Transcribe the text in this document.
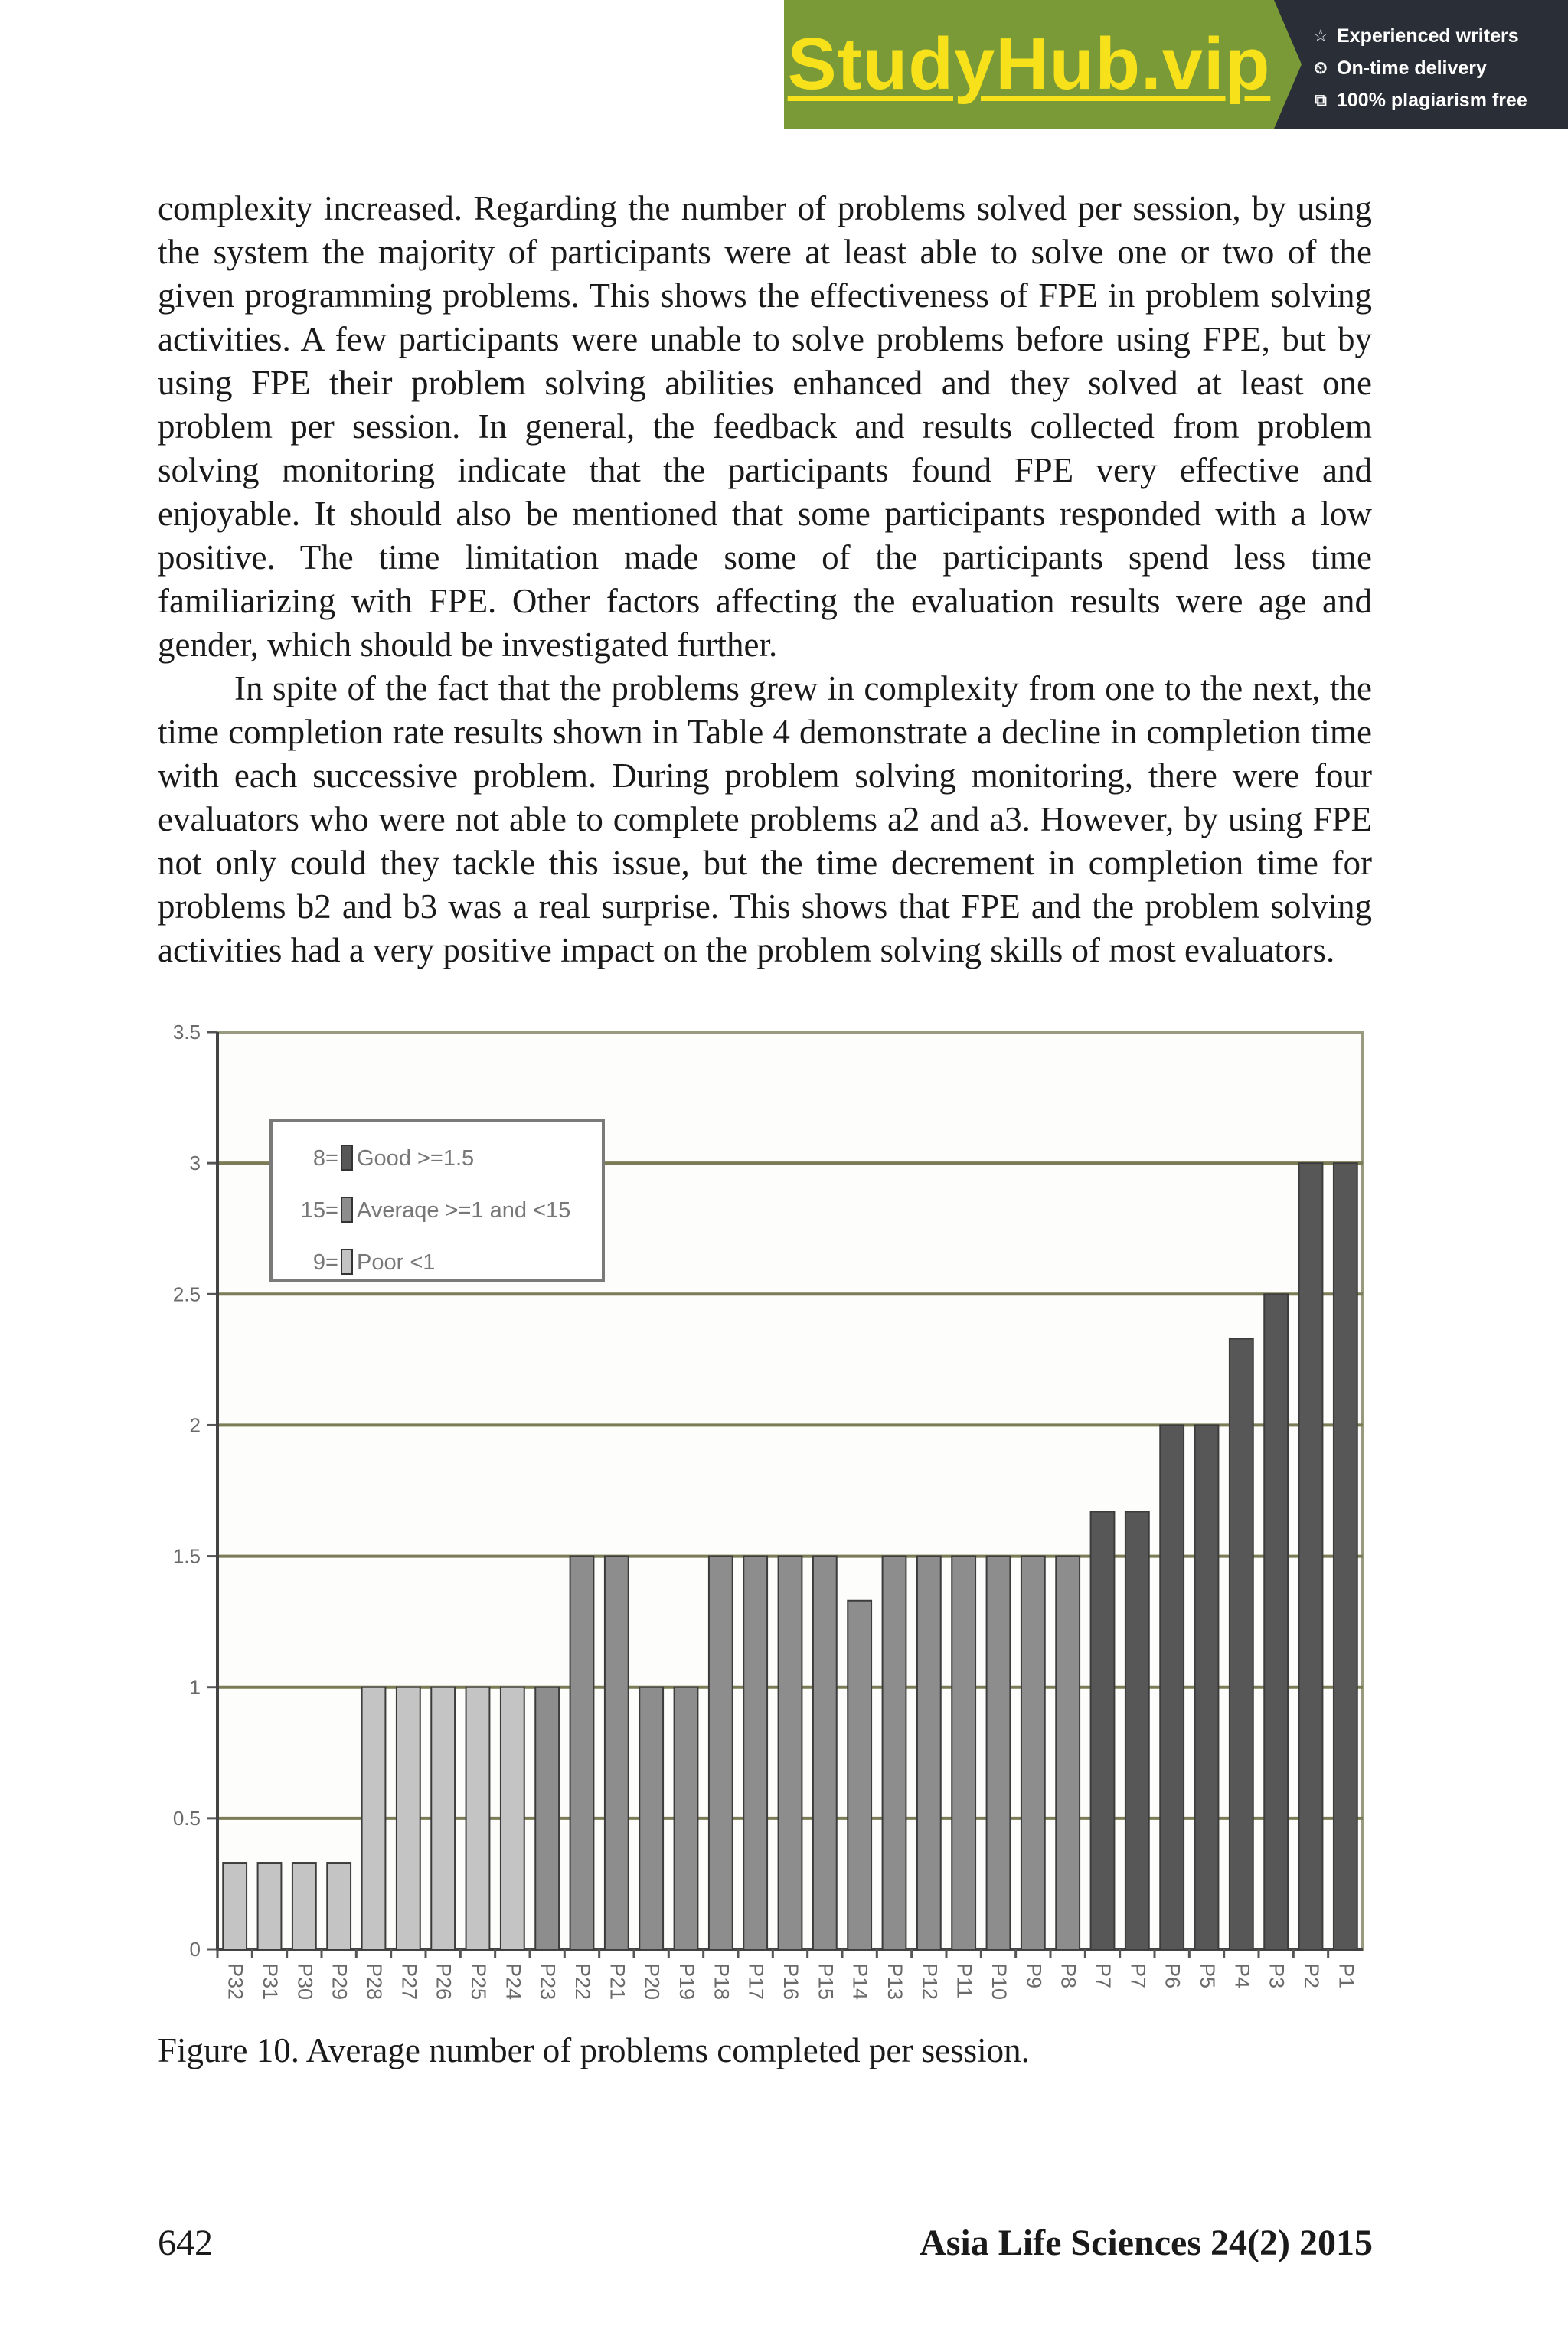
StudyHub.vip	☆ Experienced writers
⏲ On-time delivery
⧉ 100% plagiarism free

complexity increased. Regarding the number of problems solved per session, by using the system the majority of participants were at least able to solve one or two of the given programming problems. This shows the effectiveness of FPE in problem solving activities. A few participants were unable to solve problems before using FPE, but by using FPE their problem solving abilities enhanced and they solved at least one problem per session. In general, the feedback and results collected from problem solving monitoring indicate that the participants found FPE very effective and enjoyable. It should also be mentioned that some participants responded with a low positive. The time limitation made some of the participants spend less time familiarizing with FPE. Other factors affecting the evaluation results were age and gender, which should be investigated further.

In spite of the fact that the problems grew in complexity from one to the next, the time completion rate results shown in Table 4 demonstrate a decline in completion time with each successive problem. During problem solving monitoring, there were four evaluators who were not able to complete problems a2 and a3. However, by using FPE not only could they tackle this issue, but the time decrement in completion time for problems b2 and b3 was a real surprise. This shows that FPE and the problem solving activities had a very positive impact on the problem solving skills of most evaluators.

0
0.5
1
1.5
2
2.5
3
3.5
P32 P31 P30 P29 P28 P27 P26 P25 P24 P23 P22 P21 P20 P19 P18 P17 P16 P15 P14 P13 P12 P11 P10 P9 P8 P7 P7 P6 P5 P4 P3 P2 P1
8= Good >=1.5
15= Averaqe >=1 and <15
9= Poor <1
Figure 10. Average number of problems completed per session.
642	Asia Life Sciences 24(2) 2015
